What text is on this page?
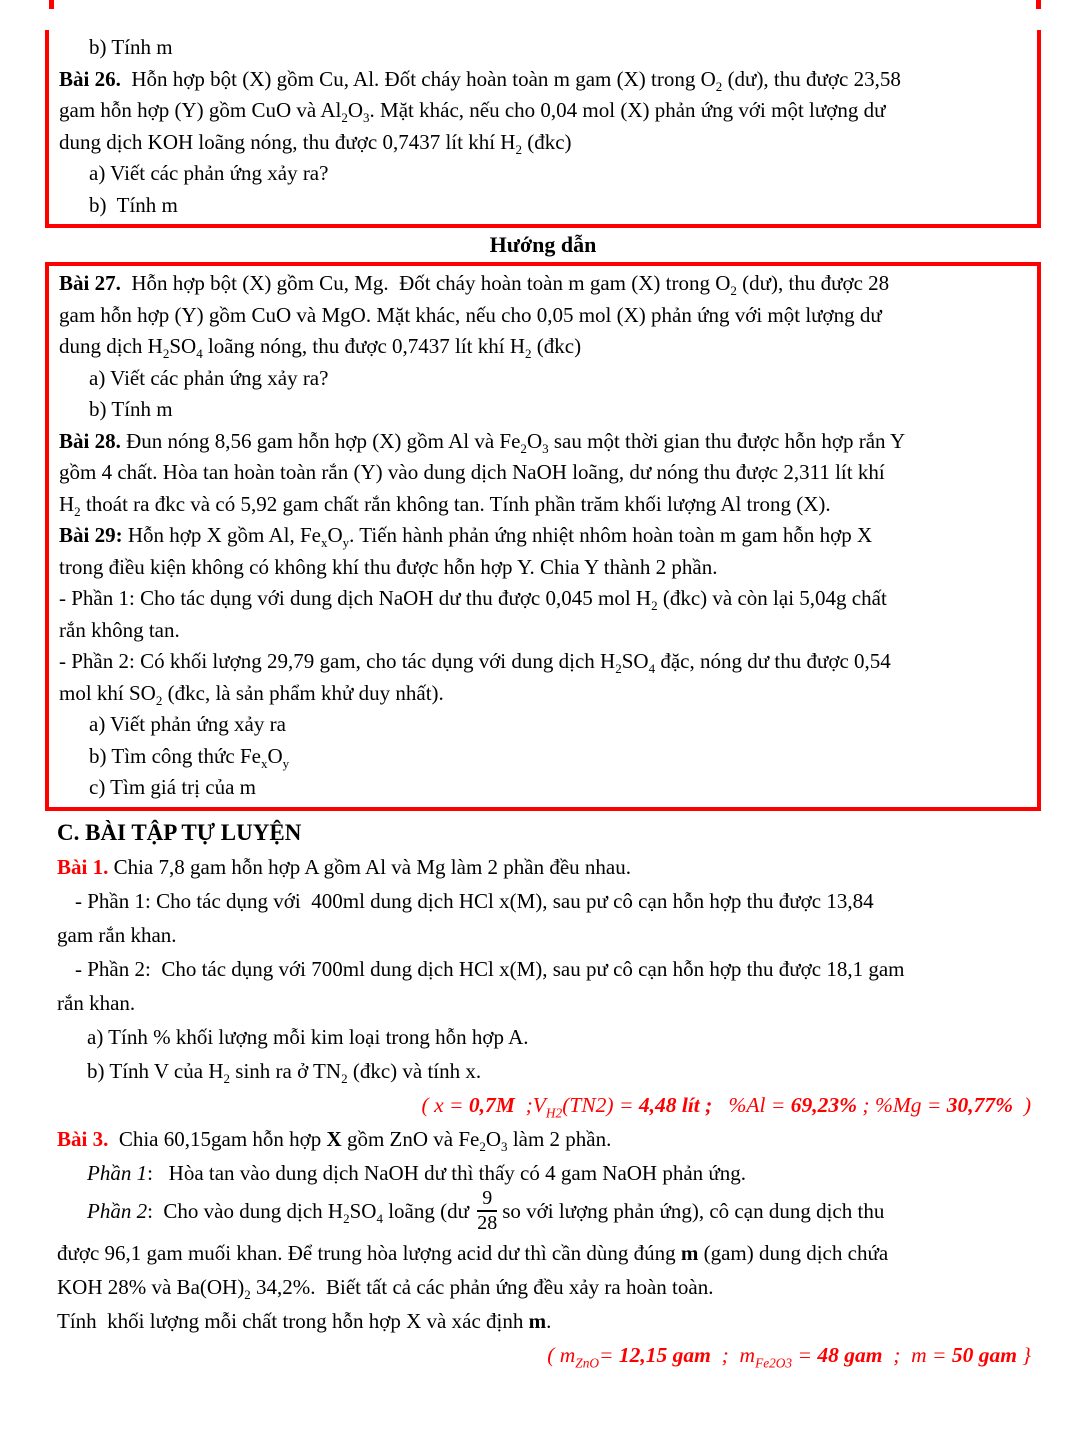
b) Tính m

Bài 26.  Hỗn hợp bột (X) gồm Cu, Al. Đốt cháy hoàn toàn m gam (X) trong $O_2$ (dư), thu được 23,58

gam hỗn hợp (Y) gồm CuO và $Al_2O_3$. Mặt khác, nếu cho 0,04 mol (X) phản ứng với một lượng dư

dung dịch KOH loãng nóng, thu được 0,7437 lít khí $H_2$ (đkc)

a) Viết các phản ứng xảy ra?

b)  Tính m

Hướng dẫn

Bài 27.  Hỗn hợp bột (X) gồm Cu, Mg.  Đốt cháy hoàn toàn m gam (X) trong $O_2$ (dư), thu được 28

gam hỗn hợp (Y) gồm CuO và MgO. Mặt khác, nếu cho 0,05 mol (X) phản ứng với một lượng dư

dung dịch $H_2SO_4$ loãng nóng, thu được 0,7437 lít khí $H_2$ (đkc)

a) Viết các phản ứng xảy ra?

b) Tính m

Bài 28. Đun nóng 8,56 gam hỗn hợp (X) gồm Al và $Fe_2O_3$ sau một thời gian thu được hỗn hợp rắn Y

gồm 4 chất. Hòa tan hoàn toàn rắn (Y) vào dung dịch NaOH loãng, dư nóng thu được 2,311 lít khí

$H_2$ thoát ra đkc và có 5,92 gam chất rắn không tan. Tính phần trăm khối lượng Al trong (X).

Bài 29: Hỗn hợp X gồm Al, $Fe_xO_y$. Tiến hành phản ứng nhiệt nhôm hoàn toàn m gam hỗn hợp X

trong điều kiện không có không khí thu được hỗn hợp Y. Chia Y thành 2 phần.

- Phần 1: Cho tác dụng với dung dịch NaOH dư thu được 0,045 mol $H_2$ (đkc) và còn lại 5,04g chất

rắn không tan.

- Phần 2: Có khối lượng 29,79 gam, cho tác dụng với dung dịch $H_2SO_4$ đặc, nóng dư thu được 0,54

mol khí $SO_2$ (đkc, là sản phẩm khử duy nhất).

a) Viết phản ứng xảy ra

b) Tìm công thức $Fe_xO_y$

c) Tìm giá trị của m

C. BÀI TẬP TỰ LUYỆN

Bài 1. Chia 7,8 gam hỗn hợp A gồm Al và Mg làm 2 phần đều nhau.

- Phần 1: Cho tác dụng với  400ml dung dịch HCl x(M), sau pư cô cạn hỗn hợp thu được 13,84

gam rắn khan.

- Phần 2:  Cho tác dụng với 700ml dung dịch HCl x(M), sau pư cô cạn hỗn hợp thu được 18,1 gam

rắn khan.

a) Tính % khối lượng mỗi kim loại trong hỗn hợp A.

b) Tính V của $H_2$ sinh ra ở $TN_2$ (đkc) và tính x.

( x = 0,7M  $;V_{H2}(TN2) = 4,48$ lít ;   %Al = 69,23% ; %Mg = 30,77%  )

Bài 3.  Chia 60,15gam hỗn hợp X gồm ZnO và $Fe_2O_3$ làm 2 phần.

Phần 1:   Hòa tan vào dung dịch NaOH dư thì thấy có 4 gam NaOH phản ứng.

Phần 2:  Cho vào dung dịch $H_2SO_4$ loãng (dư $\frac{9}{28}$ so với lượng phản ứng), cô cạn dung dịch thu

được 96,1 gam muối khan. Để trung hòa lượng acid dư thì cần dùng đúng m (gam) dung dịch chứa

KOH 28% và $Ba(OH)_2$ 34,2%.  Biết tất cả các phản ứng đều xảy ra hoàn toàn.

Tính  khối lượng mỗi chất trong hỗn hợp X và xác định m.

( $m_{ZnO}= 12,15$ gam  ;  $m_{Fe2O3} = 48$ gam  ;  m = 50 gam }
